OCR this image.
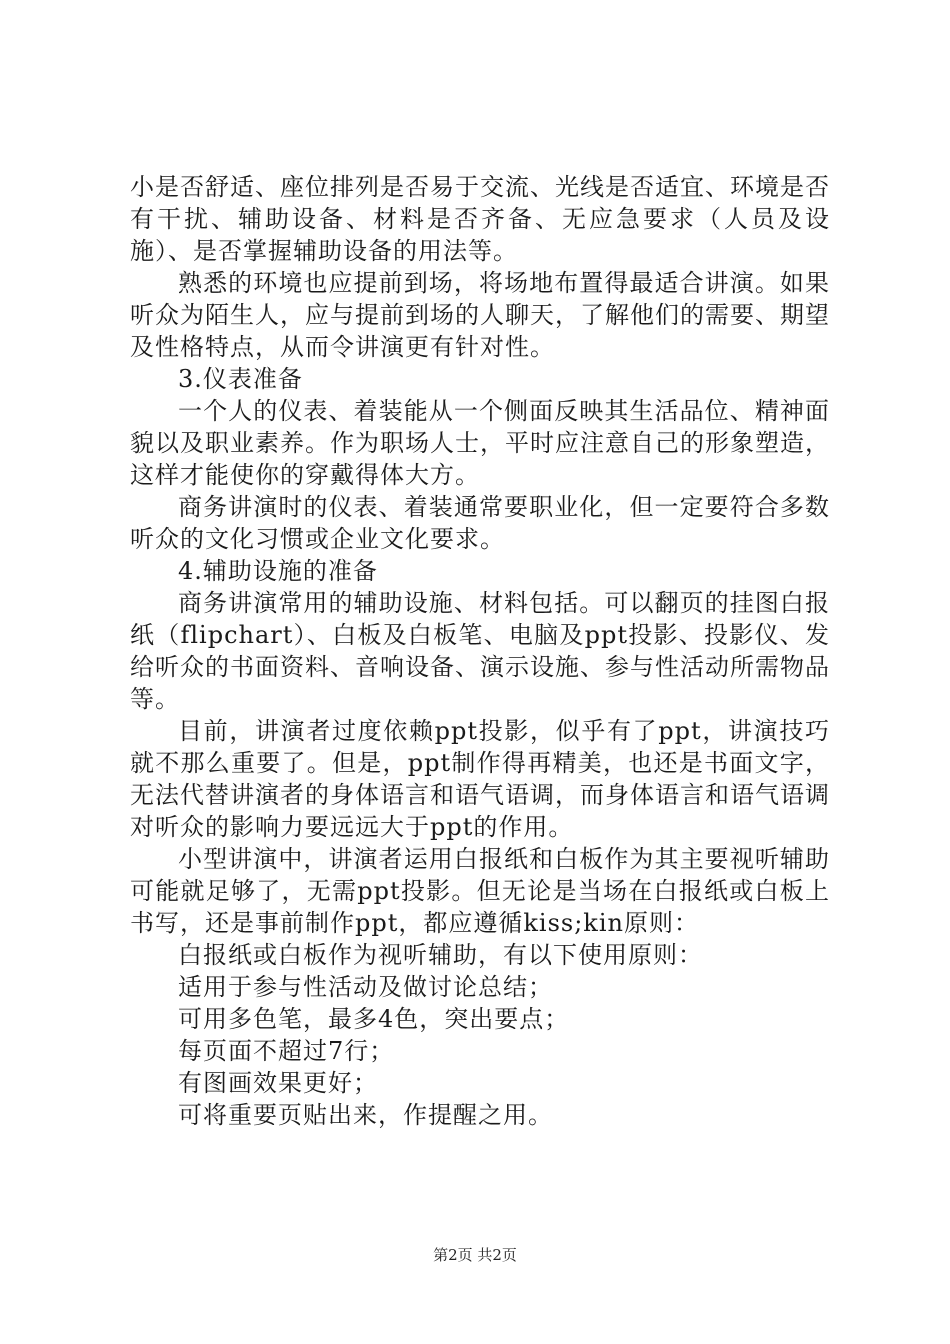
小是否舒适、座位排列是否易于交流、光线是否适宜、环境是否有干扰、辅助设备、材料是否齐备、无应急要求（人员及设施）、是否掌握辅助设备的用法等。

熟悉的环境也应提前到场，将场地布置得最适合讲演。如果听众为陌生人，应与提前到场的人聊天，了解他们的需要、期望及性格特点，从而令讲演更有针对性。

3.仪表准备

一个人的仪表、着装能从一个侧面反映其生活品位、精神面貌以及职业素养。作为职场人士，平时应注意自己的形象塑造，这样才能使你的穿戴得体大方。

商务讲演时的仪表、着装通常要职业化，但一定要符合多数听众的文化习惯或企业文化要求。

4.辅助设施的准备

商务讲演常用的辅助设施、材料包括。可以翻页的挂图白报纸（flipchart）、白板及白板笔、电脑及ppt投影、投影仪、发给听众的书面资料、音响设备、演示设施、参与性活动所需物品等。

目前，讲演者过度依赖ppt投影，似乎有了ppt，讲演技巧就不那么重要了。但是，ppt制作得再精美，也还是书面文字，无法代替讲演者的身体语言和语气语调，而身体语言和语气语调对听众的影响力要远远大于ppt的作用。

小型讲演中，讲演者运用白报纸和白板作为其主要视听辅助可能就足够了，无需ppt投影。但无论是当场在白报纸或白板上书写，还是事前制作ppt，都应遵循kiss;kin原则：

白报纸或白板作为视听辅助，有以下使用原则：

适用于参与性活动及做讨论总结；

可用多色笔，最多4色，突出要点；

每页面不超过7行；

有图画效果更好；

可将重要页贴出来，作提醒之用。

第2页 共2页
